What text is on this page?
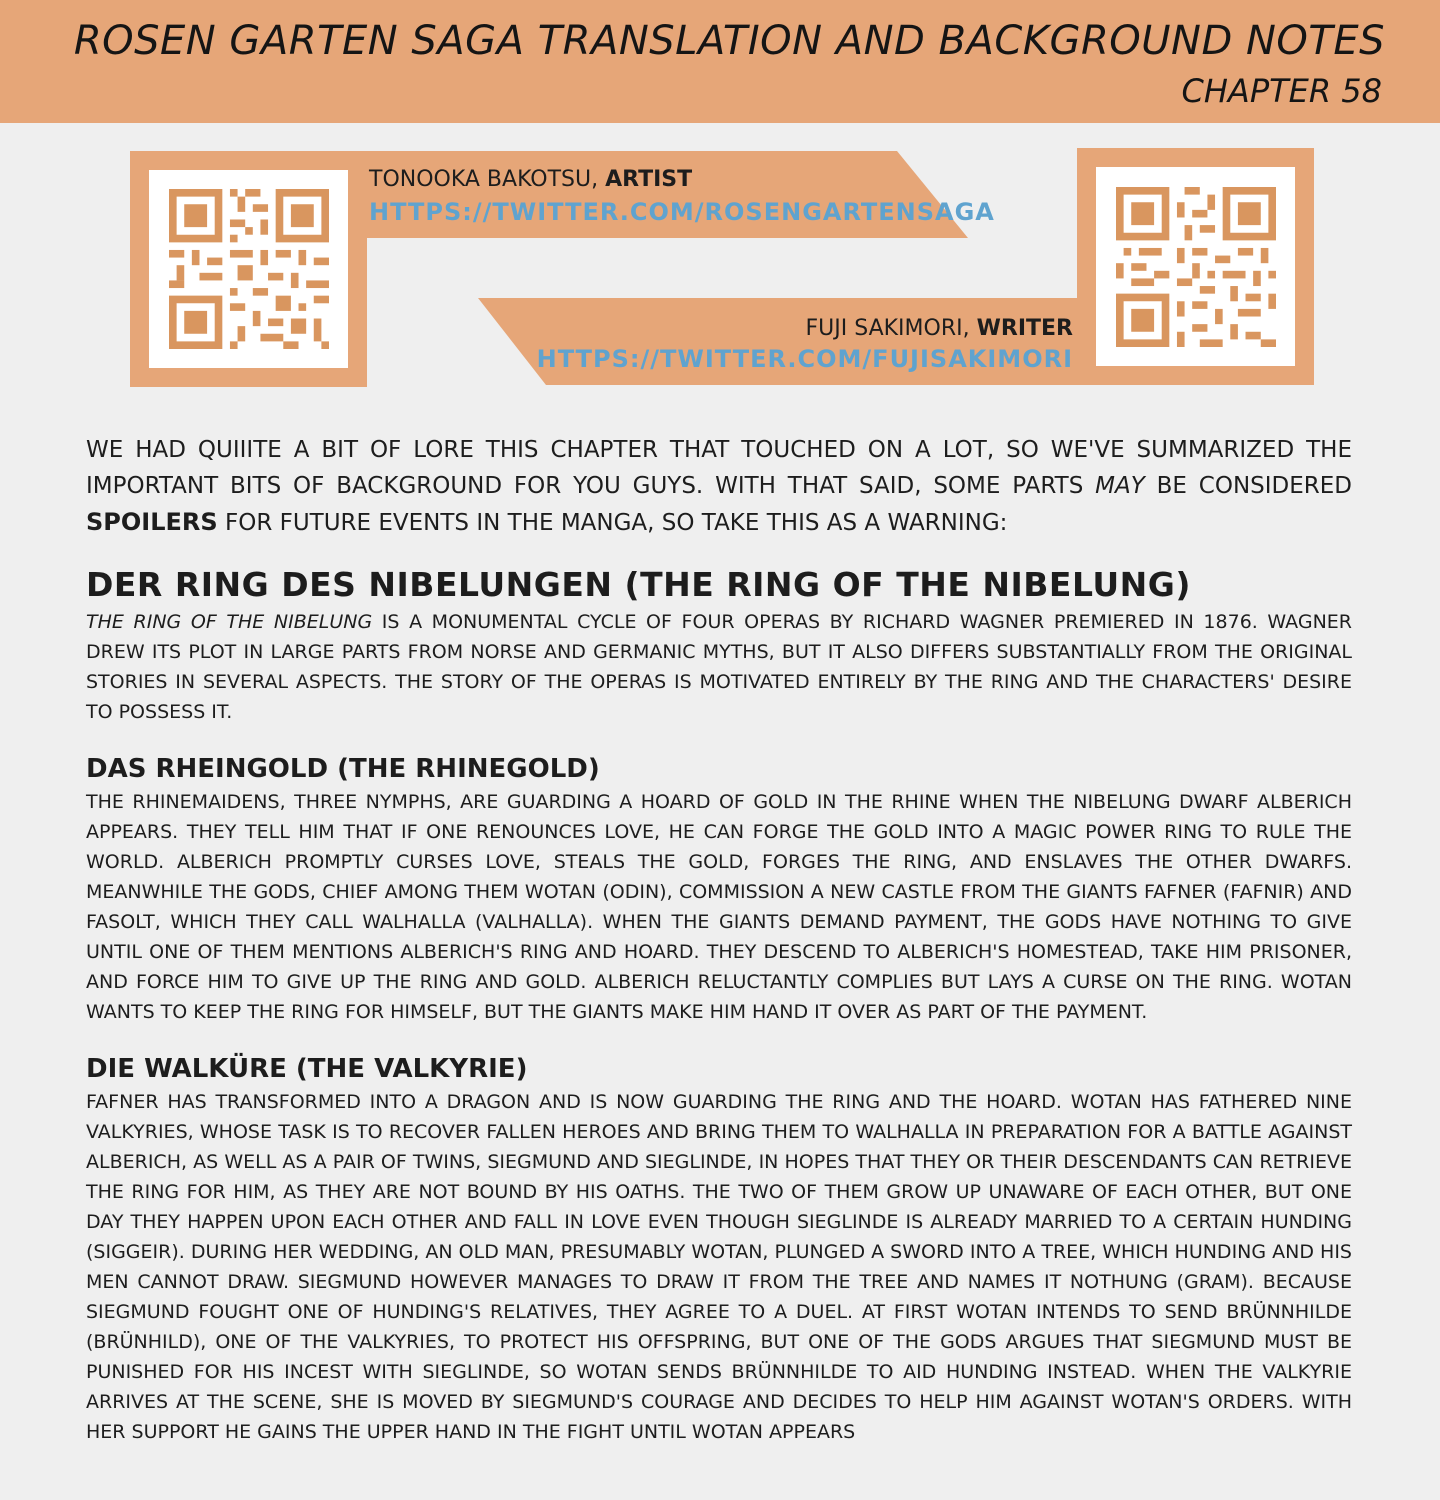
ROSEN GARTEN SAGA TRANSLATION AND BACKGROUND NOTES
CHAPTER 58
TONOOKA BAKOTSU, ARTIST
HTTPS://TWITTER.COM/ROSENGARTENSAGA
FUJI SAKIMORI, WRITER
HTTPS://TWITTER.COM/FUJISAKIMORI

WE HAD QUIIITE A BIT OF LORE THIS CHAPTER THAT TOUCHED ON A LOT, SO WE'VE SUMMARIZED THE IMPORTANT BITS OF BACKGROUND FOR YOU GUYS. WITH THAT SAID, SOME PARTS MAY BE CONSIDERED SPOILERS FOR FUTURE EVENTS IN THE MANGA, SO TAKE THIS AS A WARNING:

DER RING DES NIBELUNGEN (THE RING OF THE NIBELUNG)

THE RING OF THE NIBELUNG IS A MONUMENTAL CYCLE OF FOUR OPERAS BY RICHARD WAGNER PREMIERED IN 1876. WAGNER DREW ITS PLOT IN LARGE PARTS FROM NORSE AND GERMANIC MYTHS, BUT IT ALSO DIFFERS SUBSTANTIALLY FROM THE ORIGINAL STORIES IN SEVERAL ASPECTS. THE STORY OF THE OPERAS IS MOTIVATED ENTIRELY BY THE RING AND THE CHARACTERS' DESIRE TO POSSESS IT.

DAS RHEINGOLD (THE RHINEGOLD)

THE RHINEMAIDENS, THREE NYMPHS, ARE GUARDING A HOARD OF GOLD IN THE RHINE WHEN THE NIBELUNG DWARF ALBERICH APPEARS. THEY TELL HIM THAT IF ONE RENOUNCES LOVE, HE CAN FORGE THE GOLD INTO A MAGIC POWER RING TO RULE THE WORLD. ALBERICH PROMPTLY CURSES LOVE, STEALS THE GOLD, FORGES THE RING, AND ENSLAVES THE OTHER DWARFS. MEANWHILE THE GODS, CHIEF AMONG THEM WOTAN (ODIN), COMMISSION A NEW CASTLE FROM THE GIANTS FAFNER (FAFNIR) AND FASOLT, WHICH THEY CALL WALHALLA (VALHALLA). WHEN THE GIANTS DEMAND PAYMENT, THE GODS HAVE NOTHING TO GIVE UNTIL ONE OF THEM MENTIONS ALBERICH'S RING AND HOARD. THEY DESCEND TO ALBERICH'S HOMESTEAD, TAKE HIM PRISONER, AND FORCE HIM TO GIVE UP THE RING AND GOLD. ALBERICH RELUCTANTLY COMPLIES BUT LAYS A CURSE ON THE RING. WOTAN WANTS TO KEEP THE RING FOR HIMSELF, BUT THE GIANTS MAKE HIM HAND IT OVER AS PART OF THE PAYMENT.

DIE WALKÜRE (THE VALKYRIE)

FAFNER HAS TRANSFORMED INTO A DRAGON AND IS NOW GUARDING THE RING AND THE HOARD. WOTAN HAS FATHERED NINE VALKYRIES, WHOSE TASK IS TO RECOVER FALLEN HEROES AND BRING THEM TO WALHALLA IN PREPARATION FOR A BATTLE AGAINST ALBERICH, AS WELL AS A PAIR OF TWINS, SIEGMUND AND SIEGLINDE, IN HOPES THAT THEY OR THEIR DESCENDANTS CAN RETRIEVE THE RING FOR HIM, AS THEY ARE NOT BOUND BY HIS OATHS. THE TWO OF THEM GROW UP UNAWARE OF EACH OTHER, BUT ONE DAY THEY HAPPEN UPON EACH OTHER AND FALL IN LOVE EVEN THOUGH SIEGLINDE IS ALREADY MARRIED TO A CERTAIN HUNDING (SIGGEIR). DURING HER WEDDING, AN OLD MAN, PRESUMABLY WOTAN, PLUNGED A SWORD INTO A TREE, WHICH HUNDING AND HIS MEN CANNOT DRAW. SIEGMUND HOWEVER MANAGES TO DRAW IT FROM THE TREE AND NAMES IT NOTHUNG (GRAM). BECAUSE SIEGMUND FOUGHT ONE OF HUNDING'S RELATIVES, THEY AGREE TO A DUEL. AT FIRST WOTAN INTENDS TO SEND BRÜNNHILDE (BRÜNHILD), ONE OF THE VALKYRIES, TO PROTECT HIS OFFSPRING, BUT ONE OF THE GODS ARGUES THAT SIEGMUND MUST BE PUNISHED FOR HIS INCEST WITH SIEGLINDE, SO WOTAN SENDS BRÜNNHILDE TO AID HUNDING INSTEAD. WHEN THE VALKYRIE ARRIVES AT THE SCENE, SHE IS MOVED BY SIEGMUND'S COURAGE AND DECIDES TO HELP HIM AGAINST WOTAN'S ORDERS. WITH HER SUPPORT HE GAINS THE UPPER HAND IN THE FIGHT UNTIL WOTAN APPEARS
